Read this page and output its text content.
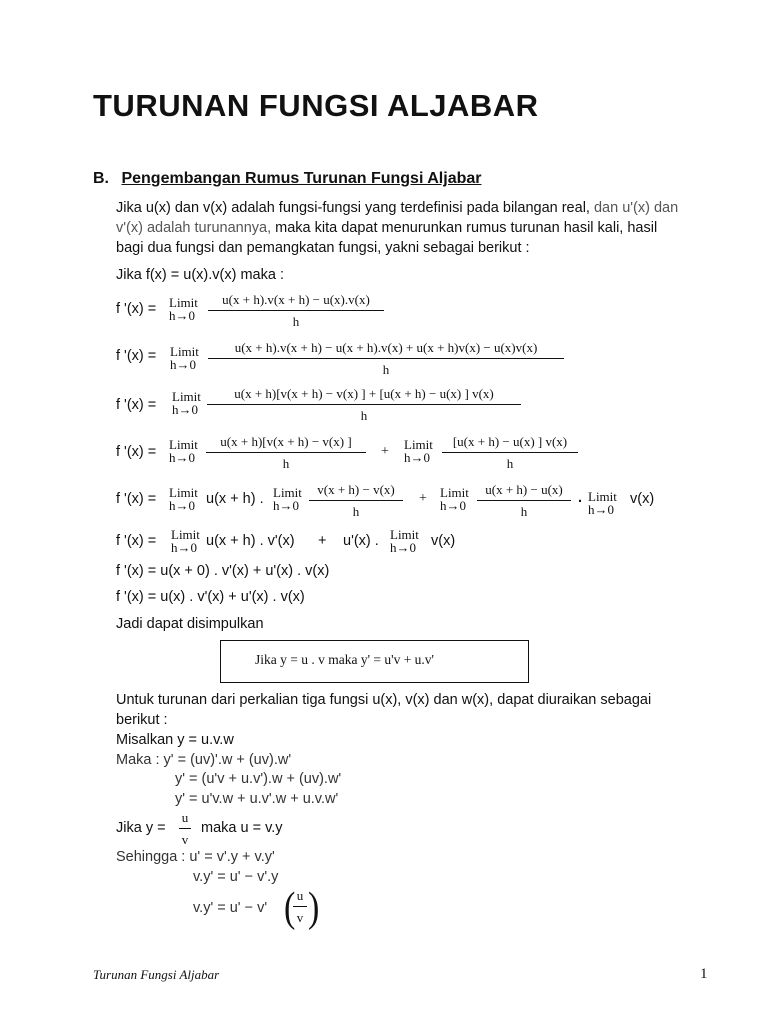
TURUNAN FUNGSI ALJABAR
B. Pengembangan Rumus Turunan Fungsi Aljabar
Jika u(x) dan v(x) adalah fungsi-fungsi yang terdefinisi pada bilangan real, dan u'(x) dan
v'(x) adalah turunannya, maka kita dapat menurunkan rumus turunan hasil kali, hasil
bagi dua fungsi dan pemangkatan fungsi, yakni sebagai berikut :
Jika f(x) = u(x).v(x) maka :
f '(x) = Limit
h→0
u(x + h).v(x + h) − u(x).v(x)
h
f '(x) = Limit
h→0
u(x + h).v(x + h) − u(x + h).v(x) + u(x + h)v(x) − u(x)v(x)
h
f '(x) =
Limit
h→0
u(x + h)[v(x + h) − v(x) ] + [u(x + h) − u(x) ] v(x)
h
f '(x) = Limit
h→0
u(x + h)[v(x + h) − v(x) ]
h
+ Limit
h→0
[u(x + h) − u(x) ] v(x)
h
f '(x) = Limit
h→0 u(x + h) . Limit
h→0
v(x + h) − v(x)
h
+ Limit
h→0
u(x + h) − u(x)
h
. Limit
h→0
v(x)
f '(x) = Limit
h→0 u(x + h) . v'(x) + u'(x) . Limit
h→0 v(x)
f '(x) = u(x + 0) . v'(x) + u'(x) . v(x)
f '(x) = u(x) . v'(x) + u'(x) . v(x)
Jadi dapat disimpulkan
Jika y = u . v maka y' = u'v + u.v'
Untuk turunan dari perkalian tiga fungsi u(x), v(x) dan w(x), dapat diuraikan sebagai
berikut :
Misalkan y = u.v.w
Maka : y' = (uv)'.w + (uv).w'
y' = (u'v + u.v').w + (uv).w'
y' = u'v.w + u.v'.w + u.v.w'
Jika y =
u
v
maka u = v.y
Sehingga : u' = v'.y + v.y'
v.y' = u' − v'.y
v.y' = u' − v' ( u
v )
Turunan Fungsi Aljabar	1
